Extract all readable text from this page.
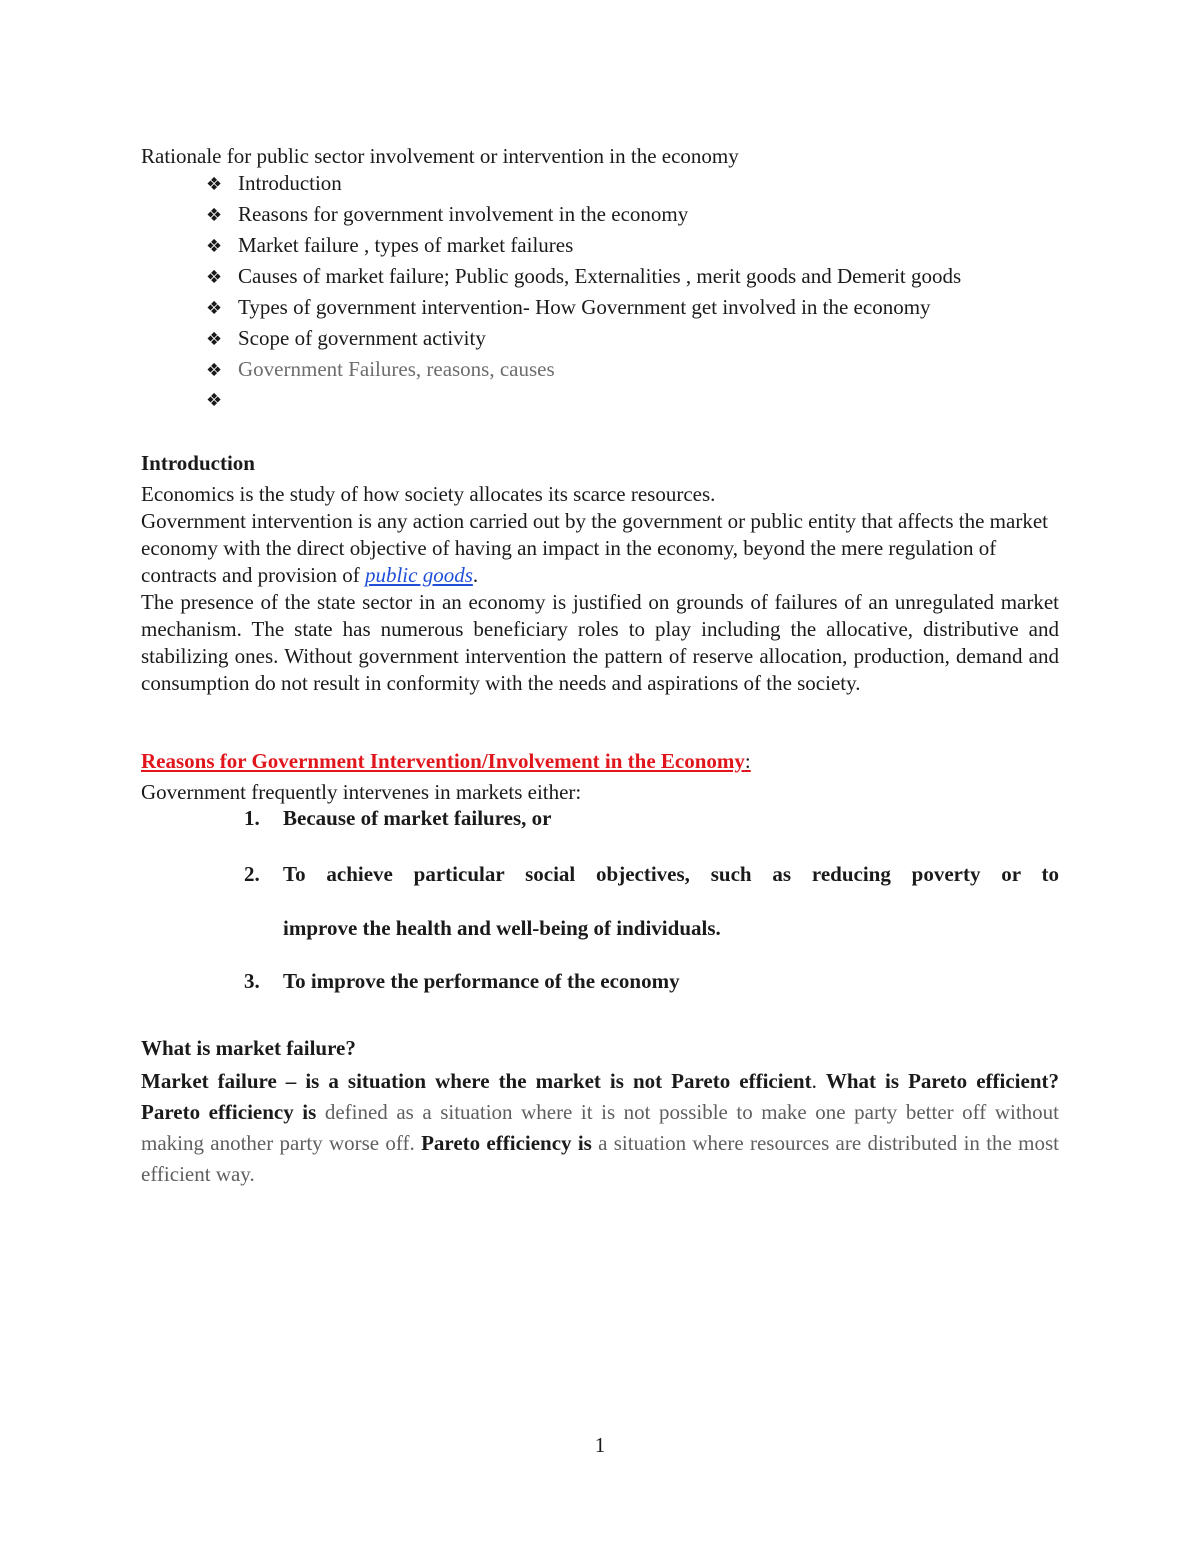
Rationale for public sector involvement or intervention in the economy
❖ Introduction
❖ Reasons for government involvement in the economy
❖ Market failure , types of market failures
❖ Causes of market failure; Public goods, Externalities , merit goods and Demerit goods
❖ Types of government intervention- How Government get involved in the economy
❖ Scope of government activity
❖ Government Failures, reasons, causes
❖
Introduction

Economics is the study of how society allocates its scarce resources.

Government intervention is any action carried out by the government or public entity that affects the market economy with the direct objective of having an impact in the economy, beyond the mere regulation of contracts and provision of public goods.

The presence of the state sector in an economy is justified on grounds of failures of an unregulated market mechanism. The state has numerous beneficiary roles to play including the allocative, distributive and stabilizing ones. Without government intervention the pattern of reserve allocation, production, demand and consumption do not result in conformity with the needs and aspirations of the society.

Reasons for Government Intervention/Involvement in the Economy:
Government frequently intervenes in markets either:
1. Because of market failures, or
2. To achieve particular social objectives, such as reducing poverty or to
improve the health and well-being of individuals.
3. To improve the performance of the economy
What is market failure?
Market failure – is a situation where the market is not Pareto efficient. What is Pareto efficient? Pareto efficiency is defined as a situation where it is not possible to make one party better off without making another party worse off. Pareto efficiency is a situation where resources are distributed in the most efficient way.
1
